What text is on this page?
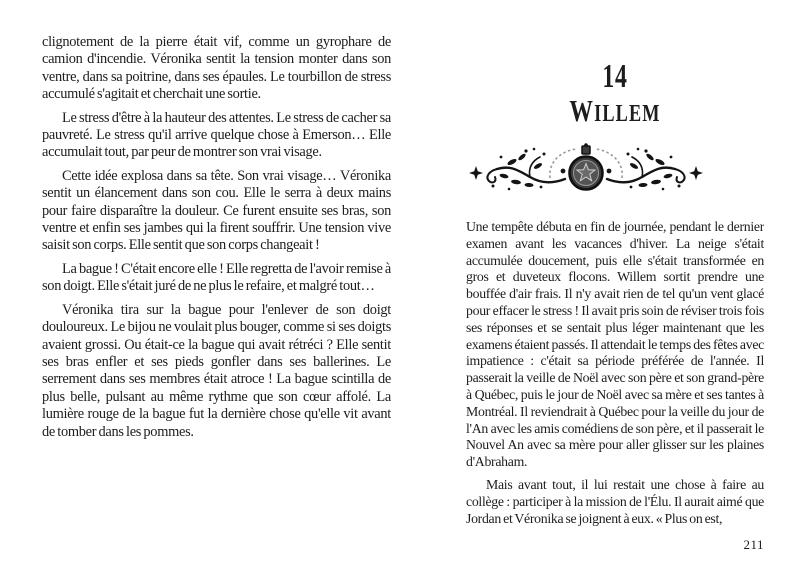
clignotement de la pierre était vif, comme un gyrophare de camion d'incendie. Véronika sentit la tension monter dans son ventre, dans sa poitrine, dans ses épaules. Le tourbillon de stress accumulé s'agitait et cherchait une sortie.

Le stress d'être à la hauteur des attentes. Le stress de cacher sa pauvreté. Le stress qu'il arrive quelque chose à Emerson… Elle accumulait tout, par peur de montrer son vrai visage.

Cette idée explosa dans sa tête. Son vrai visage… Véronika sentit un élancement dans son cou. Elle le serra à deux mains pour faire disparaître la douleur. Ce furent ensuite ses bras, son ventre et enfin ses jambes qui la firent souffrir. Une tension vive saisit son corps. Elle sentit que son corps changeait !

La bague ! C'était encore elle ! Elle regretta de l'avoir remise à son doigt. Elle s'était juré de ne plus le refaire, et malgré tout…

Véronika tira sur la bague pour l'enlever de son doigt douloureux. Le bijou ne voulait plus bouger, comme si ses doigts avaient grossi. Ou était-ce la bague qui avait rétréci ? Elle sentit ses bras enfler et ses pieds gonfler dans ses ballerines. Le serrement dans ses membres était atroce ! La bague scintilla de plus belle, pulsant au même rythme que son cœur affolé. La lumière rouge de la bague fut la dernière chose qu'elle vit avant de tomber dans les pommes.

14
WILLEM

Une tempête débuta en fin de journée, pendant le dernier examen avant les vacances d'hiver. La neige s'était accumulée doucement, puis elle s'était transformée en gros et duveteux flocons. Willem sortit prendre une bouffée d'air frais. Il n'y avait rien de tel qu'un vent glacé pour effacer le stress ! Il avait pris soin de réviser trois fois ses réponses et se sentait plus léger maintenant que les examens étaient passés. Il attendait le temps des fêtes avec impatience : c'était sa période préférée de l'année. Il passerait la veille de Noël avec son père et son grand-père à Québec, puis le jour de Noël avec sa mère et ses tantes à Montréal. Il reviendrait à Québec pour la veille du jour de l'An avec les amis comédiens de son père, et il passerait le Nouvel An avec sa mère pour aller glisser sur les plaines d'Abraham.

Mais avant tout, il lui restait une chose à faire au collège : participer à la mission de l'Élu. Il aurait aimé que Jordan et Véronika se joignent à eux. « Plus on est,

211
